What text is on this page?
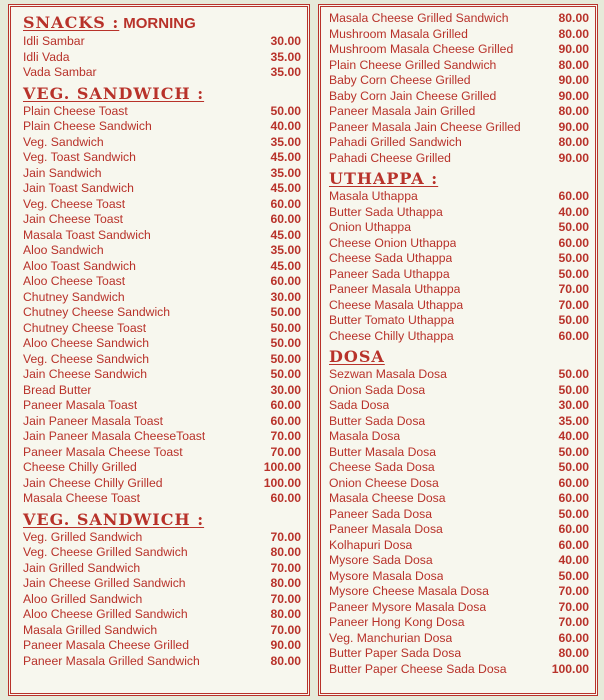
SNACKS : MORNING
Idli Sambar	30.00
Idli Vada	35.00
Vada Sambar	35.00
VEG. SANDWICH :
Plain Cheese Toast	50.00
Plain Cheese Sandwich	40.00
Veg. Sandwich	35.00
Veg. Toast Sandwich	45.00
Jain Sandwich	35.00
Jain Toast Sandwich	45.00
Veg. Cheese Toast	60.00
Jain Cheese Toast	60.00
Masala Toast Sandwich	45.00
Aloo Sandwich	35.00
Aloo Toast Sandwich	45.00
Aloo Cheese Toast	60.00
Chutney Sandwich	30.00
Chutney Cheese Sandwich	50.00
Chutney Cheese Toast	50.00
Aloo Cheese Sandwich	50.00
Veg. Cheese Sandwich	50.00
Jain Cheese Sandwich	50.00
Bread Butter	30.00
Paneer Masala Toast	60.00
Jain Paneer Masala Toast	60.00
Jain Paneer Masala CheeseToast	70.00
Paneer Masala Cheese Toast	70.00
Cheese Chilly Grilled	100.00
Jain Cheese Chilly Grilled	100.00
Masala Cheese Toast	60.00
VEG. SANDWICH :
Veg. Grilled Sandwich	70.00
Veg. Cheese Grilled Sandwich	80.00
Jain Grilled Sandwich	70.00
Jain Cheese Grilled Sandwich	80.00
Aloo Grilled Sandwich	70.00
Aloo Cheese Grilled Sandwich	80.00
Masala Grilled Sandwich	70.00
Paneer Masala Cheese Grilled	90.00
Paneer Masala Grilled Sandwich	80.00
Masala Cheese Grilled Sandwich	80.00
Mushroom Masala Grilled	80.00
Mushroom Masala Cheese Grilled	90.00
Plain Cheese Grilled Sandwich	80.00
Baby Corn Cheese Grilled	90.00
Baby Corn Jain Cheese Grilled	90.00
Paneer Masala Jain Grilled	80.00
Paneer Masala Jain Cheese Grilled	90.00
Pahadi Grilled Sandwich	80.00
Pahadi Cheese Grilled	90.00
UTHAPPA :
Masala Uthappa	60.00
Butter Sada Uthappa	40.00
Onion Uthappa	50.00
Cheese Onion Uthappa	60.00
Cheese Sada Uthappa	50.00
Paneer Sada Uthappa	50.00
Paneer Masala Uthappa	70.00
Cheese Masala Uthappa	70.00
Butter Tomato Uthappa	50.00
Cheese Chilly Uthappa	60.00
DOSA
Sezwan Masala Dosa	50.00
Onion Sada Dosa	50.00
Sada Dosa	30.00
Butter Sada Dosa	35.00
Masala Dosa	40.00
Butter Masala Dosa	50.00
Cheese Sada Dosa	50.00
Onion Cheese Dosa	60.00
Masala Cheese Dosa	60.00
Paneer Sada Dosa	50.00
Paneer Masala Dosa	60.00
Kolhapuri Dosa	60.00
Mysore Sada Dosa	40.00
Mysore Masala Dosa	50.00
Mysore Cheese Masala Dosa	70.00
Paneer Mysore Masala Dosa	70.00
Paneer Hong Kong Dosa	70.00
Veg. Manchurian Dosa	60.00
Butter Paper Sada Dosa	80.00
Butter Paper Cheese Sada Dosa	100.00
